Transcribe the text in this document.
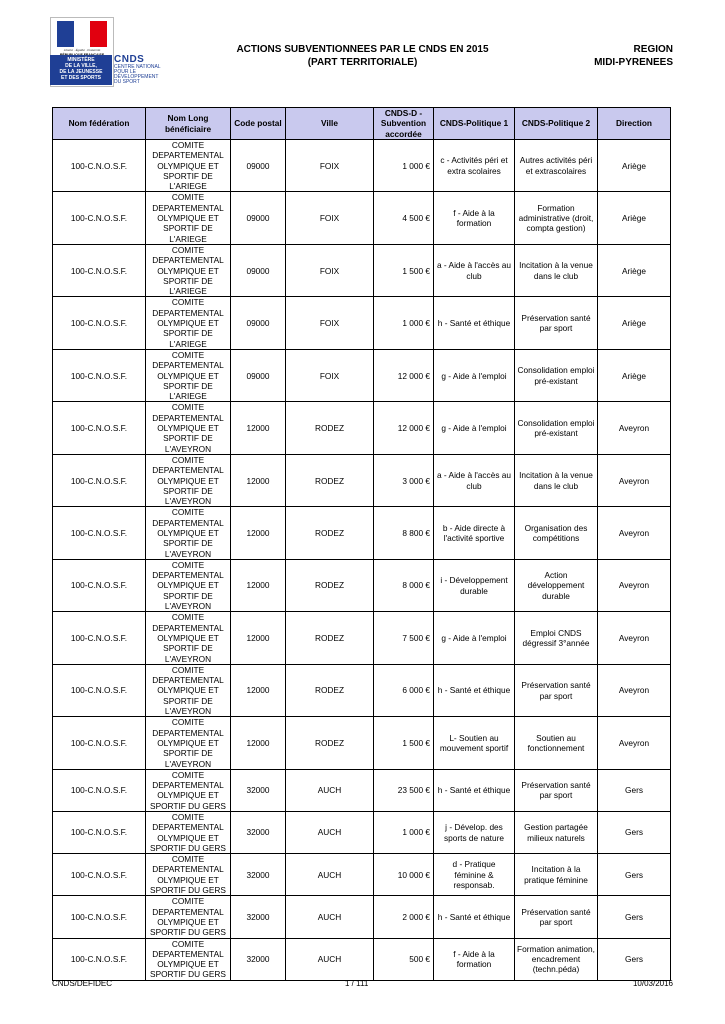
Liberté · Égalité · Fraternité
MINISTÈRE
DE LA VILLE,
DE LA JEUNESSE
ET DES SPORTS
CNDS
CENTRE NATIONAL
POUR LE
DÉVELOPPEMENT
DU SPORT
ACTIONS SUBVENTIONNEES PAR LE CNDS EN 2015
(PART TERRITORIALE)
REGION
MIDI-PYRENEES
Nom fédération	Nom Long bénéficiaire	Code postal	Ville	CNDS-D - Subvention accordée	CNDS-Politique 1	CNDS-Politique 2	Direction
100-C.N.O.S.F.	COMITE DEPARTEMENTAL OLYMPIQUE ET SPORTIF DE L'ARIEGE	09000	FOIX	1 000 €	c - Activités péri et extra scolaires	Autres activités péri et extrascolaires	Ariège
100-C.N.O.S.F.	COMITE DEPARTEMENTAL OLYMPIQUE ET SPORTIF DE L'ARIEGE	09000	FOIX	4 500 €	f - Aide à la formation	Formation administrative (droit, compta gestion)	Ariège
100-C.N.O.S.F.	COMITE DEPARTEMENTAL OLYMPIQUE ET SPORTIF DE L'ARIEGE	09000	FOIX	1 500 €	a - Aide à l'accès au club	Incitation à la venue dans le club	Ariège
100-C.N.O.S.F.	COMITE DEPARTEMENTAL OLYMPIQUE ET SPORTIF DE L'ARIEGE	09000	FOIX	1 000 €	h - Santé et éthique	Préservation santé par sport	Ariège
100-C.N.O.S.F.	COMITE DEPARTEMENTAL OLYMPIQUE ET SPORTIF DE L'ARIEGE	09000	FOIX	12 000 €	g - Aide à l'emploi	Consolidation emploi pré-existant	Ariège
100-C.N.O.S.F.	COMITE DEPARTEMENTAL OLYMPIQUE ET SPORTIF DE L'AVEYRON	12000	RODEZ	12 000 €	g - Aide à l'emploi	Consolidation emploi pré-existant	Aveyron
100-C.N.O.S.F.	COMITE DEPARTEMENTAL OLYMPIQUE ET SPORTIF DE L'AVEYRON	12000	RODEZ	3 000 €	a - Aide à l'accès au club	Incitation à la venue dans le club	Aveyron
100-C.N.O.S.F.	COMITE DEPARTEMENTAL OLYMPIQUE ET SPORTIF DE L'AVEYRON	12000	RODEZ	8 800 €	b - Aide directe à l'activité sportive	Organisation des compétitions	Aveyron
100-C.N.O.S.F.	COMITE DEPARTEMENTAL OLYMPIQUE ET SPORTIF DE L'AVEYRON	12000	RODEZ	8 000 €	i - Développement durable	Action développement durable	Aveyron
100-C.N.O.S.F.	COMITE DEPARTEMENTAL OLYMPIQUE ET SPORTIF DE L'AVEYRON	12000	RODEZ	7 500 €	g - Aide à l'emploi	Emploi CNDS dégressif 3°année	Aveyron
100-C.N.O.S.F.	COMITE DEPARTEMENTAL OLYMPIQUE ET SPORTIF DE L'AVEYRON	12000	RODEZ	6 000 €	h - Santé et éthique	Préservation santé par sport	Aveyron
100-C.N.O.S.F.	COMITE DEPARTEMENTAL OLYMPIQUE ET SPORTIF DE L'AVEYRON	12000	RODEZ	1 500 €	L- Soutien au mouvement sportif	Soutien au fonctionnement	Aveyron
100-C.N.O.S.F.	COMITE DEPARTEMENTAL OLYMPIQUE ET SPORTIF DU GERS	32000	AUCH	23 500 €	h - Santé et éthique	Préservation santé par sport	Gers
100-C.N.O.S.F.	COMITE DEPARTEMENTAL OLYMPIQUE ET SPORTIF DU GERS	32000	AUCH	1 000 €	j - Dévelop. des sports de nature	Gestion partagée milieux naturels	Gers
100-C.N.O.S.F.	COMITE DEPARTEMENTAL OLYMPIQUE ET SPORTIF DU GERS	32000	AUCH	10 000 €	d - Pratique féminine & responsab.	Incitation à la pratique féminine	Gers
100-C.N.O.S.F.	COMITE DEPARTEMENTAL OLYMPIQUE ET SPORTIF DU GERS	32000	AUCH	2 000 €	h - Santé et éthique	Préservation santé par sport	Gers
100-C.N.O.S.F.	COMITE DEPARTEMENTAL OLYMPIQUE ET SPORTIF DU GERS	32000	AUCH	500 €	f - Aide à la formation	Formation animation, encadrement (techn.péda)	Gers
CNDS/DEFIDEC	1 / 111	10/03/2016
